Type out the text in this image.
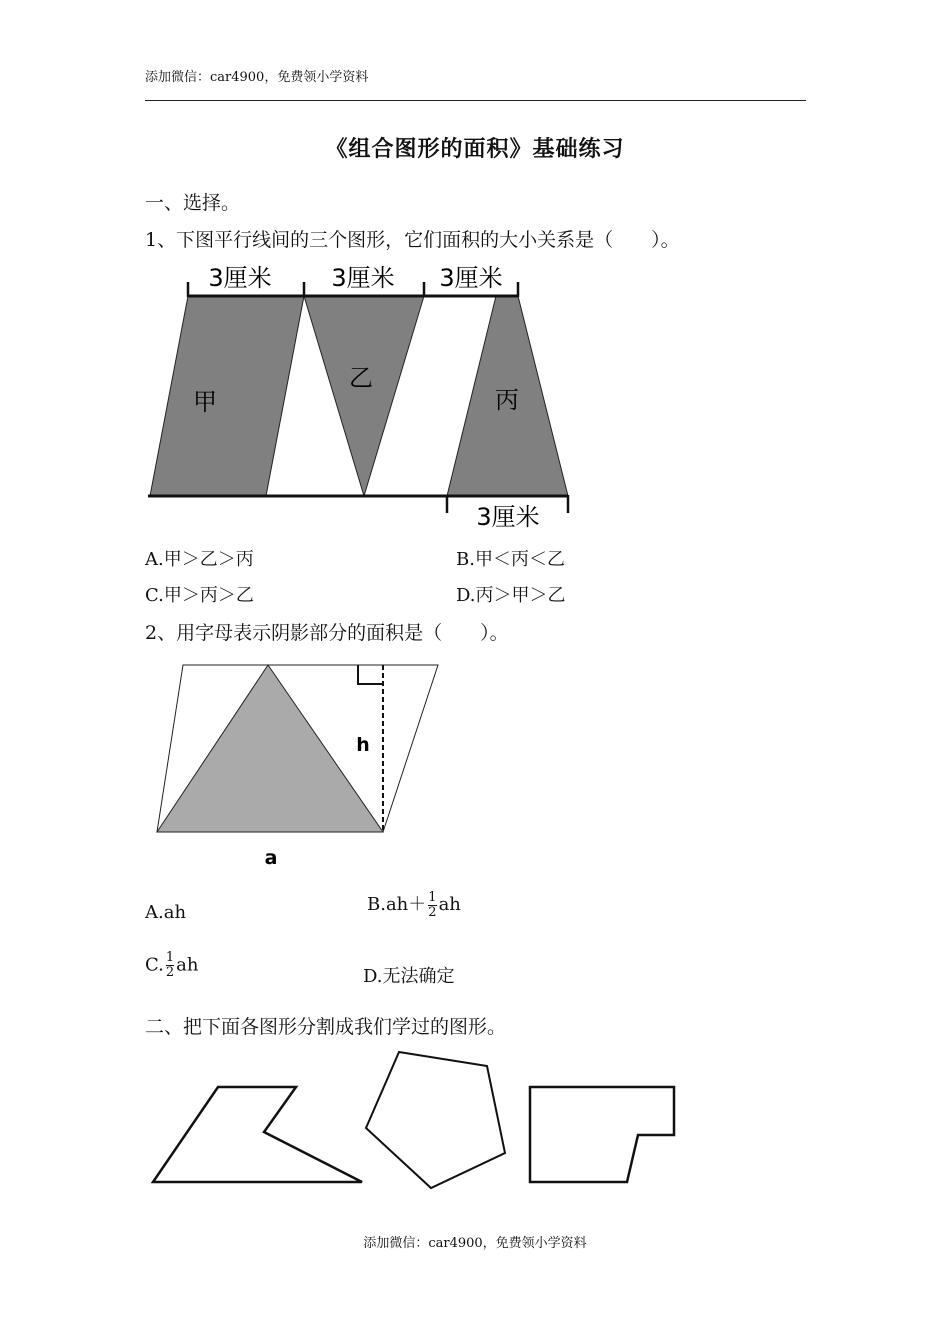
添加微信：car4900，免费领小学资料
《组合图形的面积》基础练习
一、选择。
1、下图平行线间的三个图形，它们面积的大小关系是（　　）。
3厘米 3厘米 3厘米
3厘米
甲
乙
丙
A.甲＞乙＞丙	B.甲＜丙＜乙
C.甲＞丙＞乙	D.丙＞甲＞乙
2、用字母表示阴影部分的面积是（　　）。
h
a
A.ah	$B.ah+ \frac{1}{2}$ ah
C. $\frac{1}{2}$ ah
D.无法确定
二、把下面各图形分割成我们学过的图形。
添加微信：car4900，免费领小学资料
